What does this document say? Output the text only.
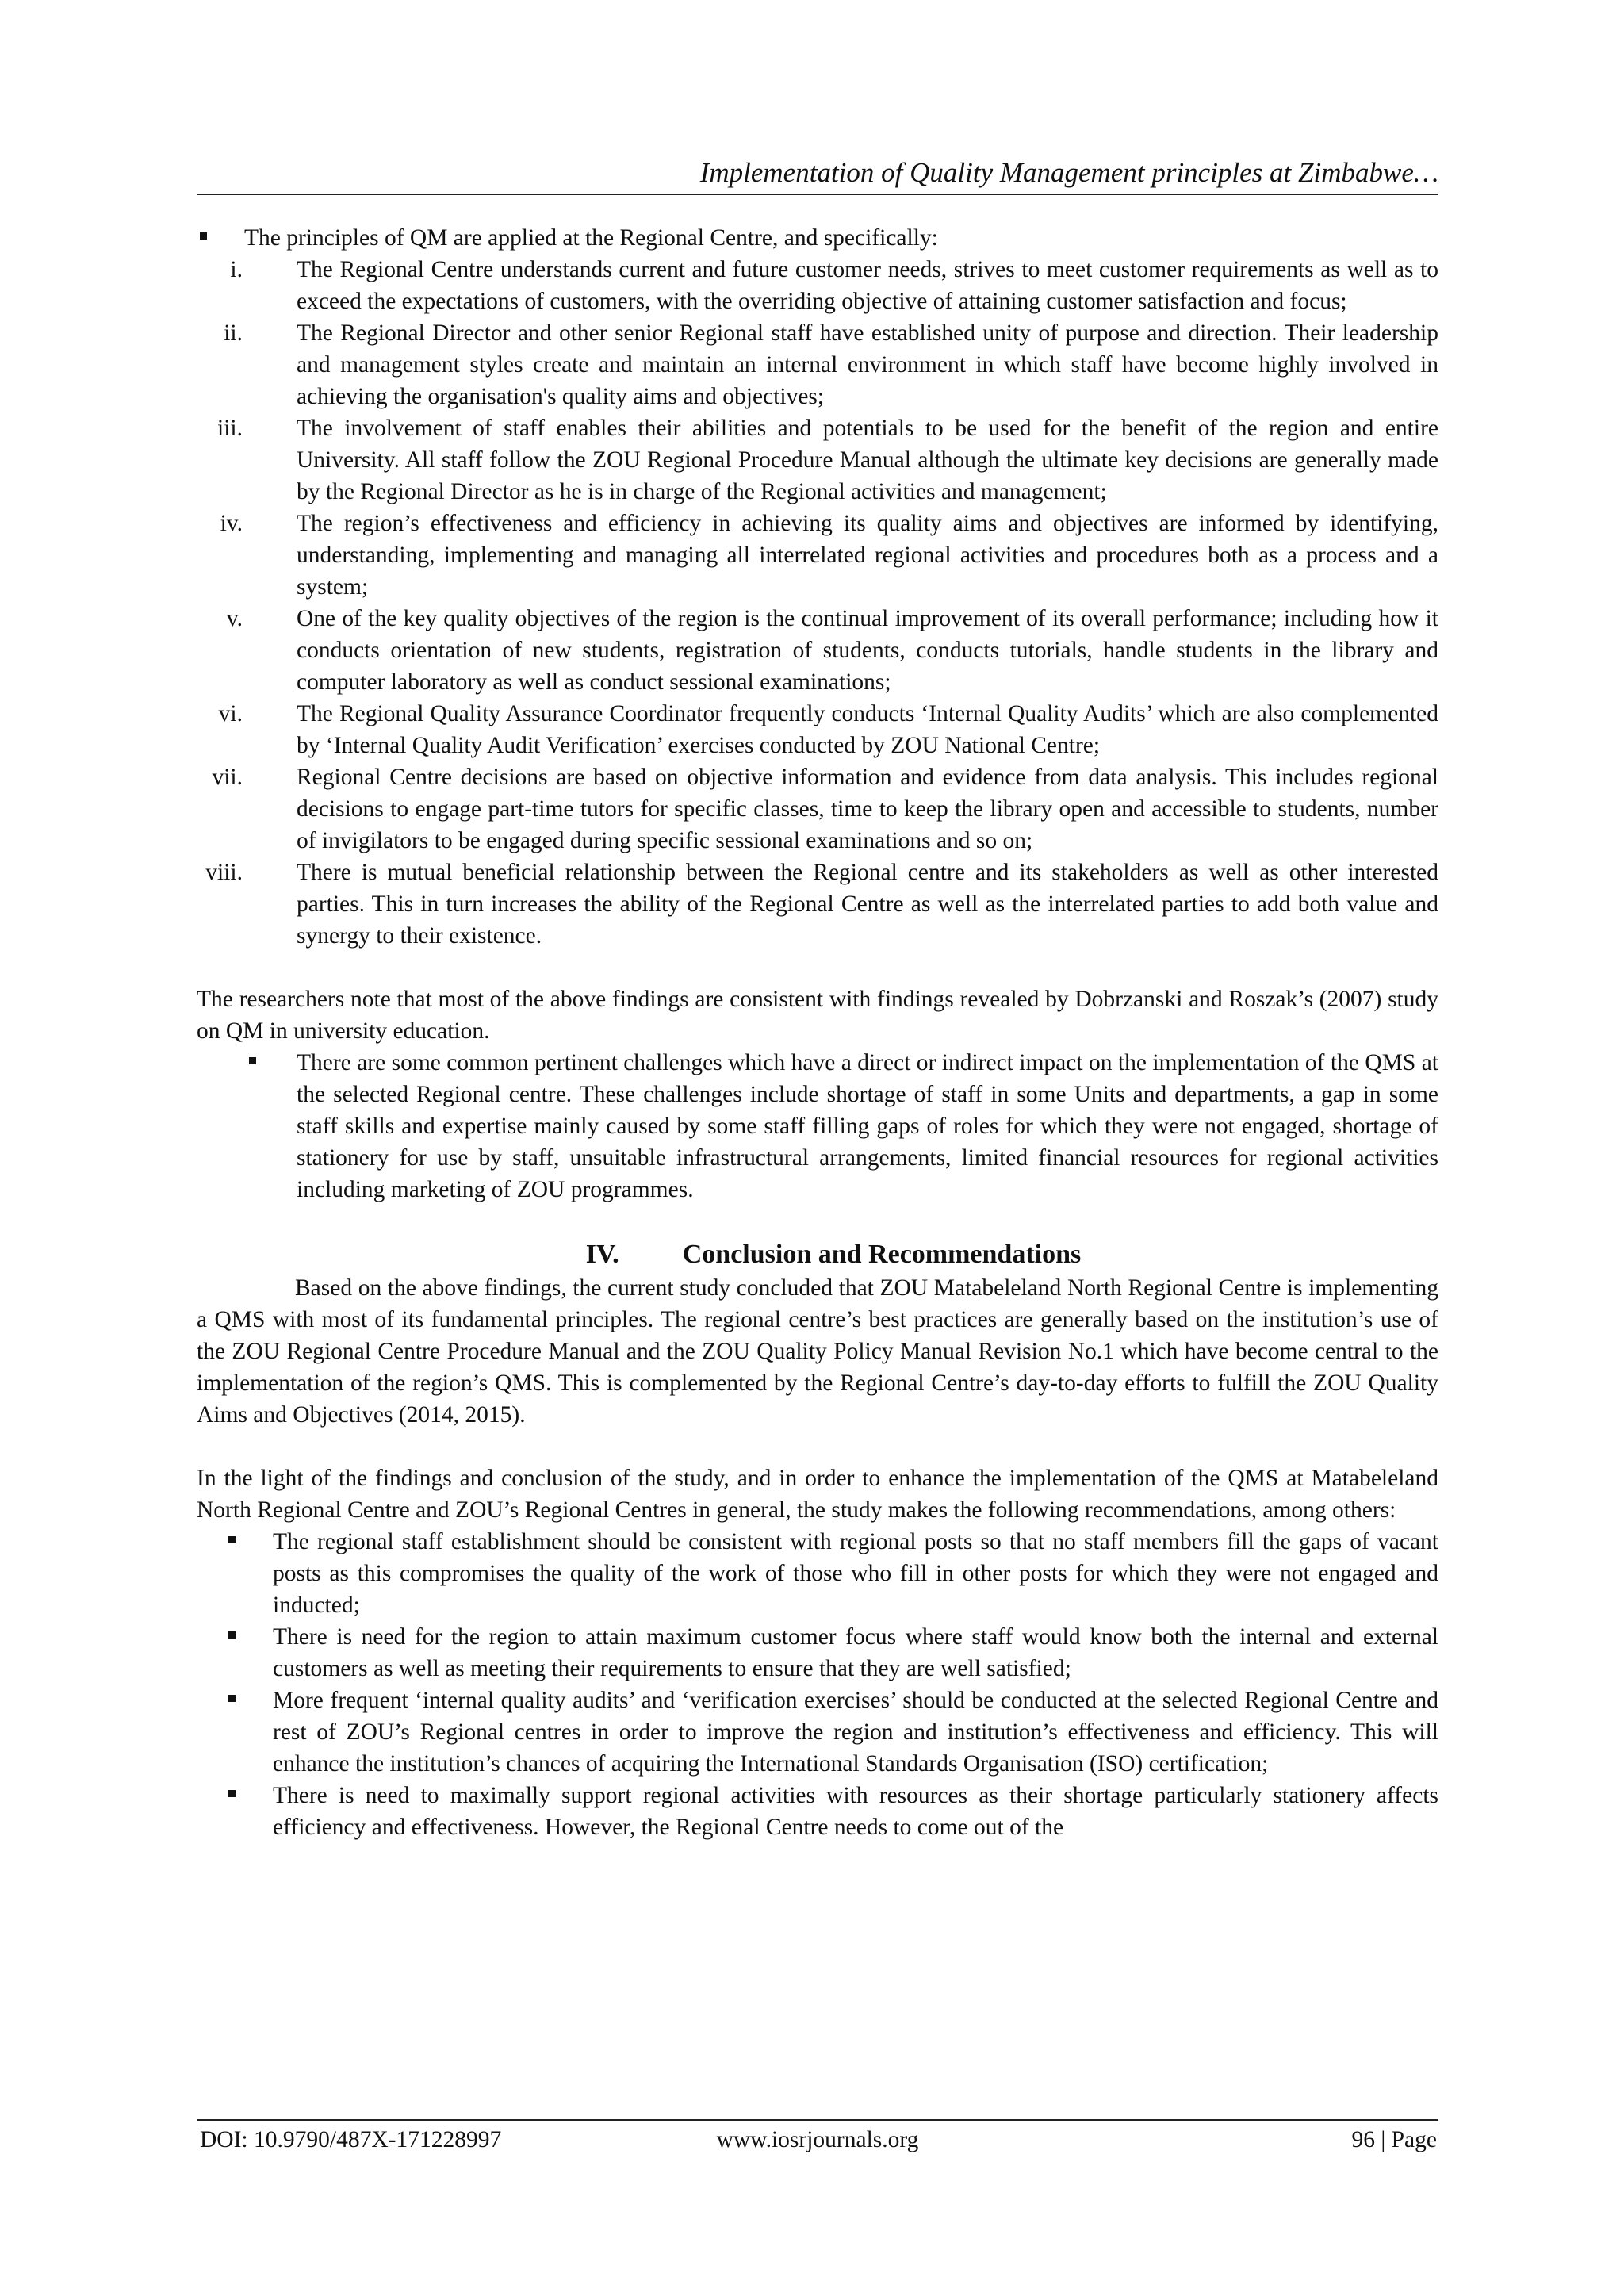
Implementation of Quality Management principles at Zimbabwe…
The principles of QM are applied at the Regional Centre, and specifically:
i. The Regional Centre understands current and future customer needs, strives to meet customer requirements as well as to exceed the expectations of customers, with the overriding objective of attaining customer satisfaction and focus;
ii. The Regional Director and other senior Regional staff have established unity of purpose and direction. Their leadership and management styles create and maintain an internal environment in which staff have become highly involved in achieving the organisation's quality aims and objectives;
iii. The involvement of staff enables their abilities and potentials to be used for the benefit of the region and entire University. All staff follow the ZOU Regional Procedure Manual although the ultimate key decisions are generally made by the Regional Director as he is in charge of the Regional activities and management;
iv. The region’s effectiveness and efficiency in achieving its quality aims and objectives are informed by identifying, understanding, implementing and managing all interrelated regional activities and procedures both as a process and a system;
v. One of the key quality objectives of the region is the continual improvement of its overall performance; including how it conducts orientation of new students, registration of students, conducts tutorials, handle students in the library and computer laboratory as well as conduct sessional examinations;
vi. The Regional Quality Assurance Coordinator frequently conducts ‘Internal Quality Audits’ which are also complemented by ‘Internal Quality Audit Verification’ exercises conducted by ZOU National Centre;
vii. Regional Centre decisions are based on objective information and evidence from data analysis. This includes regional decisions to engage part-time tutors for specific classes, time to keep the library open and accessible to students, number of invigilators to be engaged during specific sessional examinations and so on;
viii. There is mutual beneficial relationship between the Regional centre and its stakeholders as well as other interested parties. This in turn increases the ability of the Regional Centre as well as the interrelated parties to add both value and synergy to their existence.
The researchers note that most of the above findings are consistent with findings revealed by Dobrzanski and Roszak’s (2007) study on QM in university education.
There are some common pertinent challenges which have a direct or indirect impact on the implementation of the QMS at the selected Regional centre. These challenges include shortage of staff in some Units and departments, a gap in some staff skills and expertise mainly caused by some staff filling gaps of roles for which they were not engaged, shortage of stationery for use by staff, unsuitable infrastructural arrangements, limited financial resources for regional activities including marketing of ZOU programmes.
IV. Conclusion and Recommendations
Based on the above findings, the current study concluded that ZOU Matabeleland North Regional Centre is implementing a QMS with most of its fundamental principles. The regional centre’s best practices are generally based on the institution’s use of the ZOU Regional Centre Procedure Manual and the ZOU Quality Policy Manual Revision No.1 which have become central to the implementation of the region’s QMS. This is complemented by the Regional Centre’s day-to-day efforts to fulfill the ZOU Quality Aims and Objectives (2014, 2015).
In the light of the findings and conclusion of the study, and in order to enhance the implementation of the QMS at Matabeleland North Regional Centre and ZOU’s Regional Centres in general, the study makes the following recommendations, among others:
The regional staff establishment should be consistent with regional posts so that no staff members fill the gaps of vacant posts as this compromises the quality of the work of those who fill in other posts for which they were not engaged and inducted;
There is need for the region to attain maximum customer focus where staff would know both the internal and external customers as well as meeting their requirements to ensure that they are well satisfied;
More frequent ‘internal quality audits’ and ‘verification exercises’ should be conducted at the selected Regional Centre and rest of ZOU’s Regional centres in order to improve the region and institution’s effectiveness and efficiency. This will enhance the institution’s chances of acquiring the International Standards Organisation (ISO) certification;
There is need to maximally support regional activities with resources as their shortage particularly stationery affects efficiency and effectiveness. However, the Regional Centre needs to come out of the
DOI: 10.9790/487X-171228997	www.iosrjournals.org	96 | Page
